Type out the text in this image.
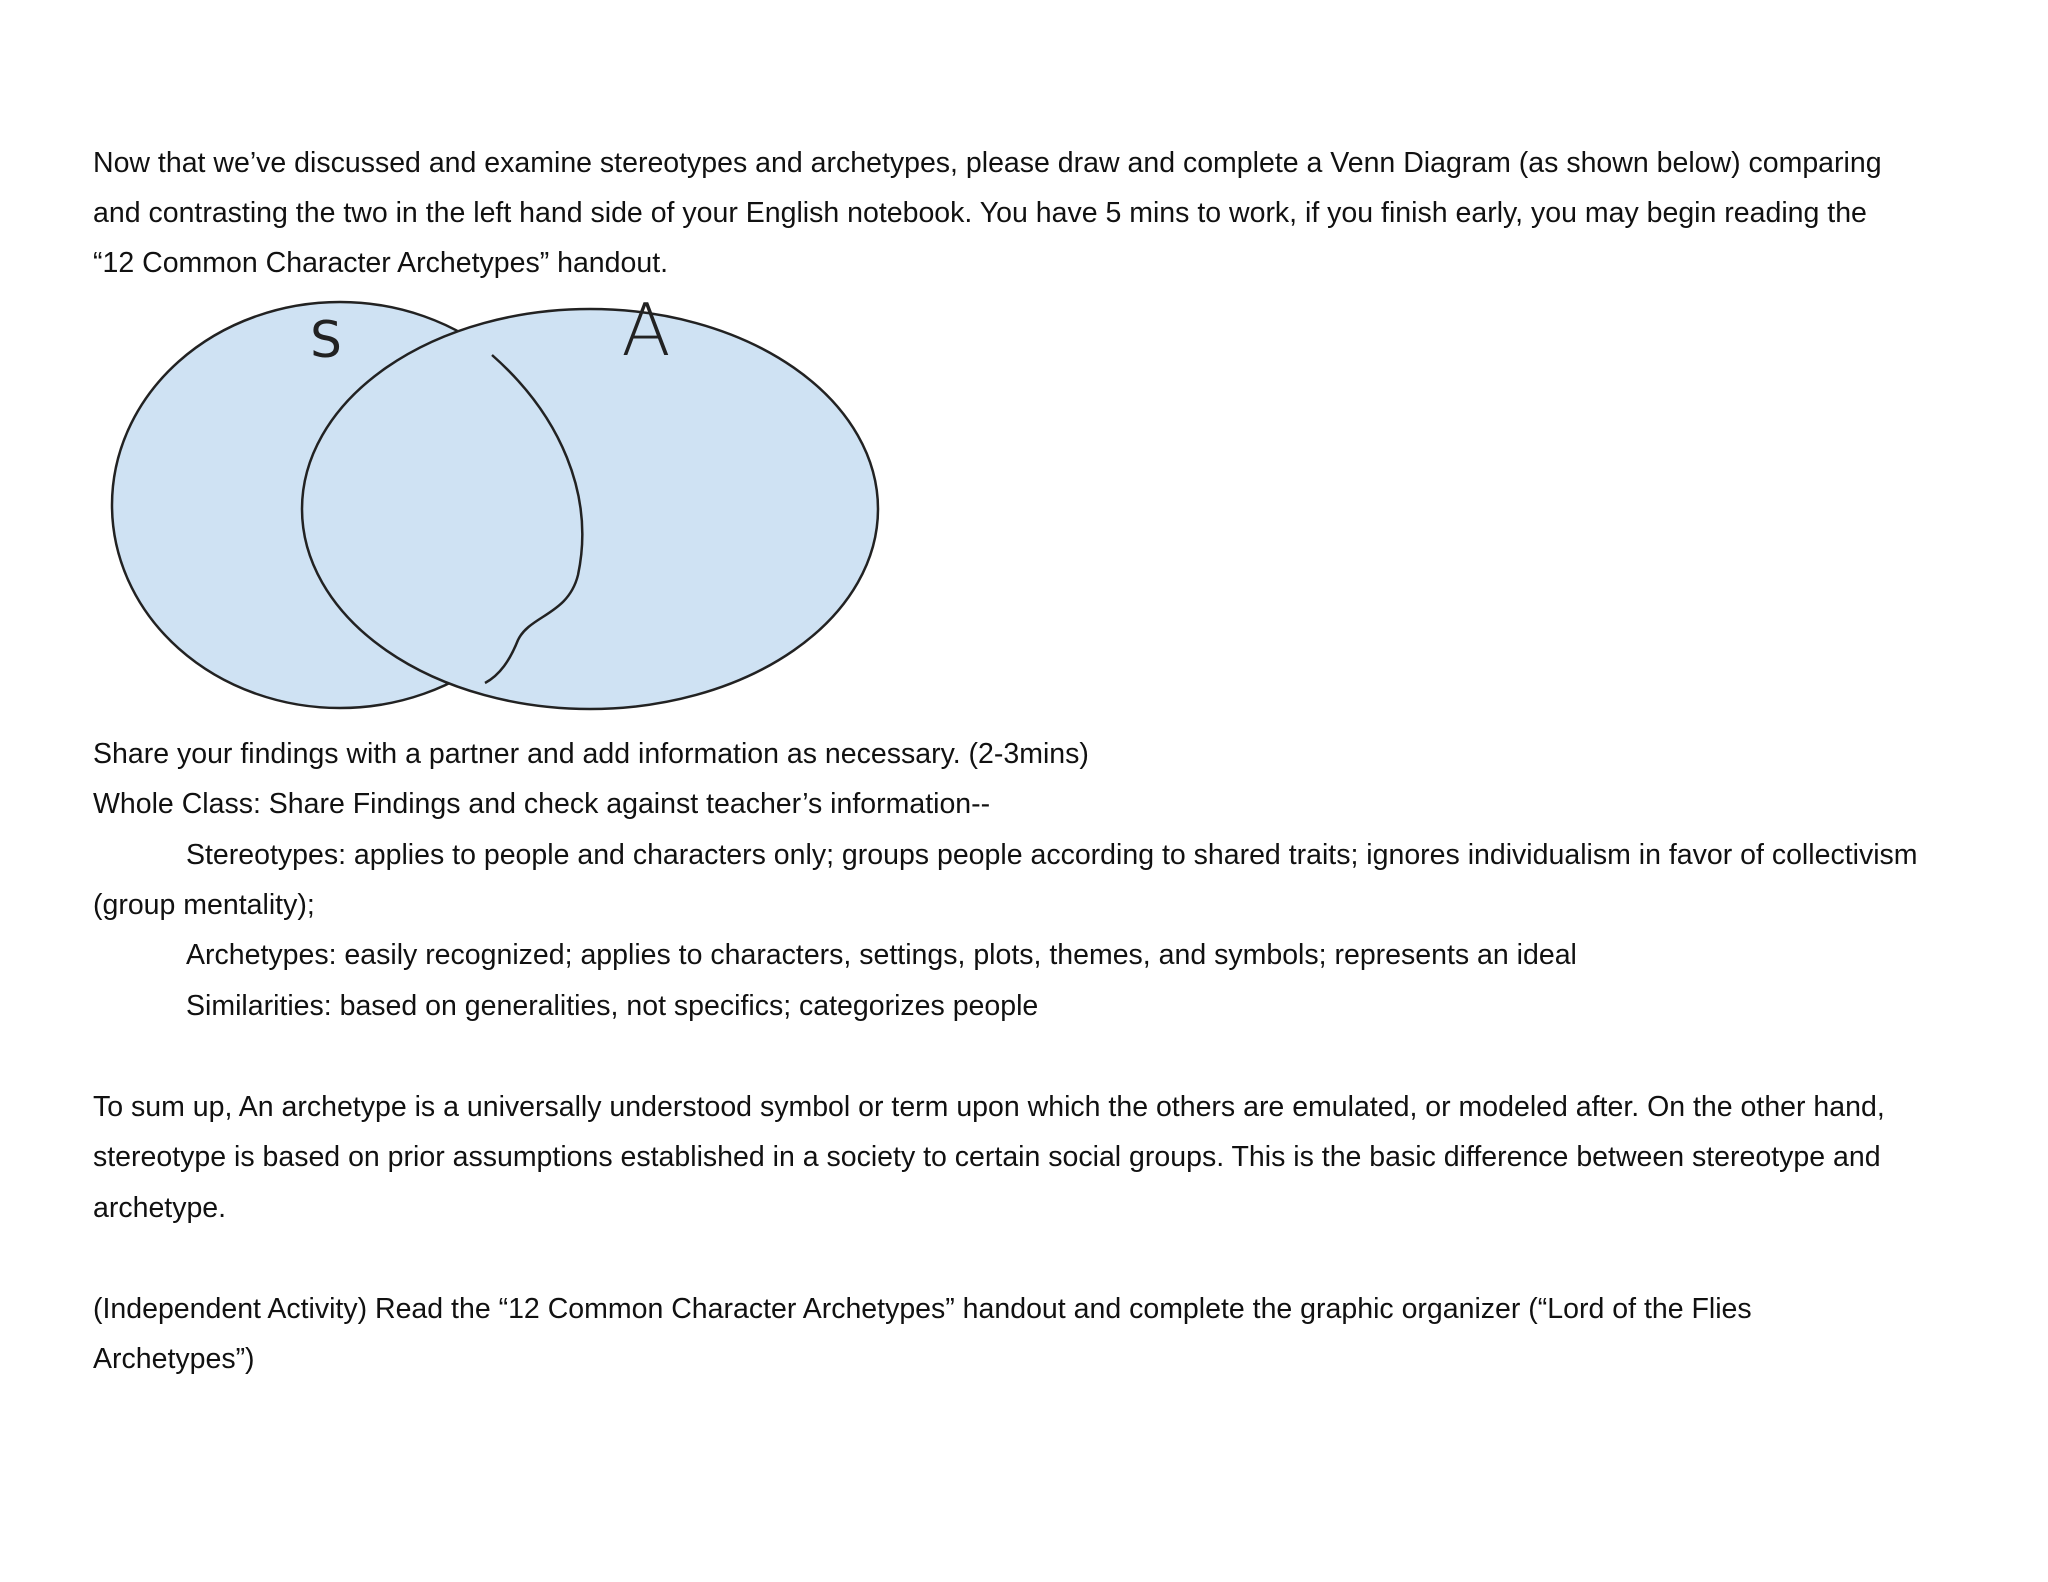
Now that we’ve discussed and examine stereotypes and archetypes, please draw and complete a Venn Diagram (as shown below) comparing

and contrasting the two in the left hand side of your English notebook. You have 5 mins to work, if you finish early, you may begin reading the

“12 Common Character Archetypes” handout.

S	A

Share your findings with a partner and add information as necessary. (2-3mins)

Whole Class: Share Findings and check against teacher’s information--

Stereotypes: applies to people and characters only; groups people according to shared traits; ignores individualism in favor of collectivism

(group mentality);

Archetypes: easily recognized; applies to characters, settings, plots, themes, and symbols; represents an ideal

Similarities: based on generalities, not specifics; categorizes people

To sum up, An archetype is a universally understood symbol or term upon which the others are emulated, or modeled after. On the other hand,

stereotype is based on prior assumptions established in a society to certain social groups. This is the basic difference between stereotype and

archetype.

(Independent Activity) Read the “12 Common Character Archetypes” handout and complete the graphic organizer (“Lord of the Flies

Archetypes”)
